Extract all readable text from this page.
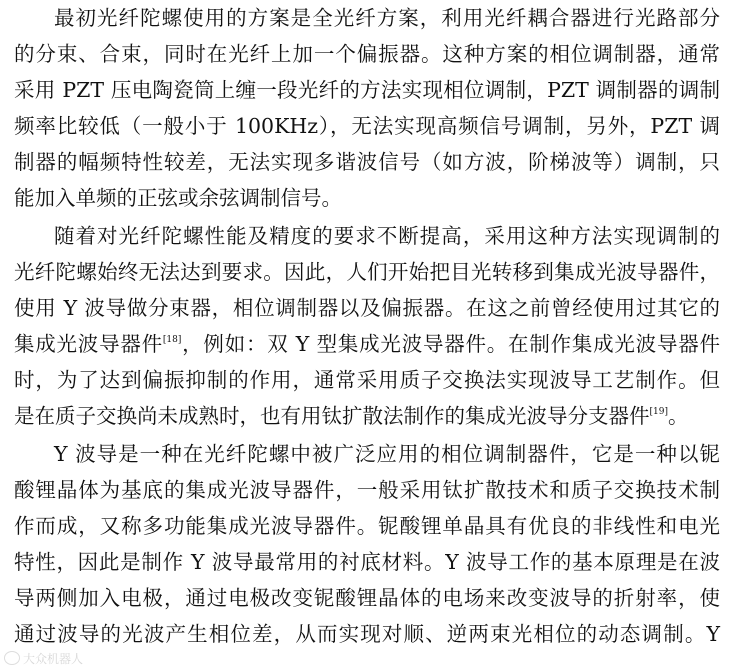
最初光纤陀螺使用的方案是全光纤方案，利用光纤耦合器进行光路部分
的分束、合束，同时在光纤上加一个偏振器。这种方案的相位调制器，通常
采用 PZT 压电陶瓷筒上缠一段光纤的方法实现相位调制，PZT 调制器的调制
频率比较低（一般小于 100KHz），无法实现高频信号调制，另外，PZT 调
制器的幅频特性较差，无法实现多谐波信号（如方波，阶梯波等）调制，只
能加入单频的正弦或余弦调制信号。
随着对光纤陀螺性能及精度的要求不断提高，采用这种方法实现调制的
光纤陀螺始终无法达到要求。因此，人们开始把目光转移到集成光波导器件，
使用 Y 波导做分束器，相位调制器以及偏振器。在这之前曾经使用过其它的
集成光波导器件[18]，例如：双 Y 型集成光波导器件。在制作集成光波导器件
时，为了达到偏振抑制的作用，通常采用质子交换法实现波导工艺制作。但
是在质子交换尚未成熟时，也有用钛扩散法制作的集成光波导分支器件[19]。
Y 波导是一种在光纤陀螺中被广泛应用的相位调制器件，它是一种以铌
酸锂晶体为基底的集成光波导器件，一般采用钛扩散技术和质子交换技术制
作而成，又称多功能集成光波导器件。铌酸锂单晶具有优良的非线性和电光
特性，因此是制作 Y 波导最常用的衬底材料。Y 波导工作的基本原理是在波
导两侧加入电极，通过电极改变铌酸锂晶体的电场来改变波导的折射率，使
通过波导的光波产生相位差，从而实现对顺、逆两束光相位的动态调制。Y
大众机器人
